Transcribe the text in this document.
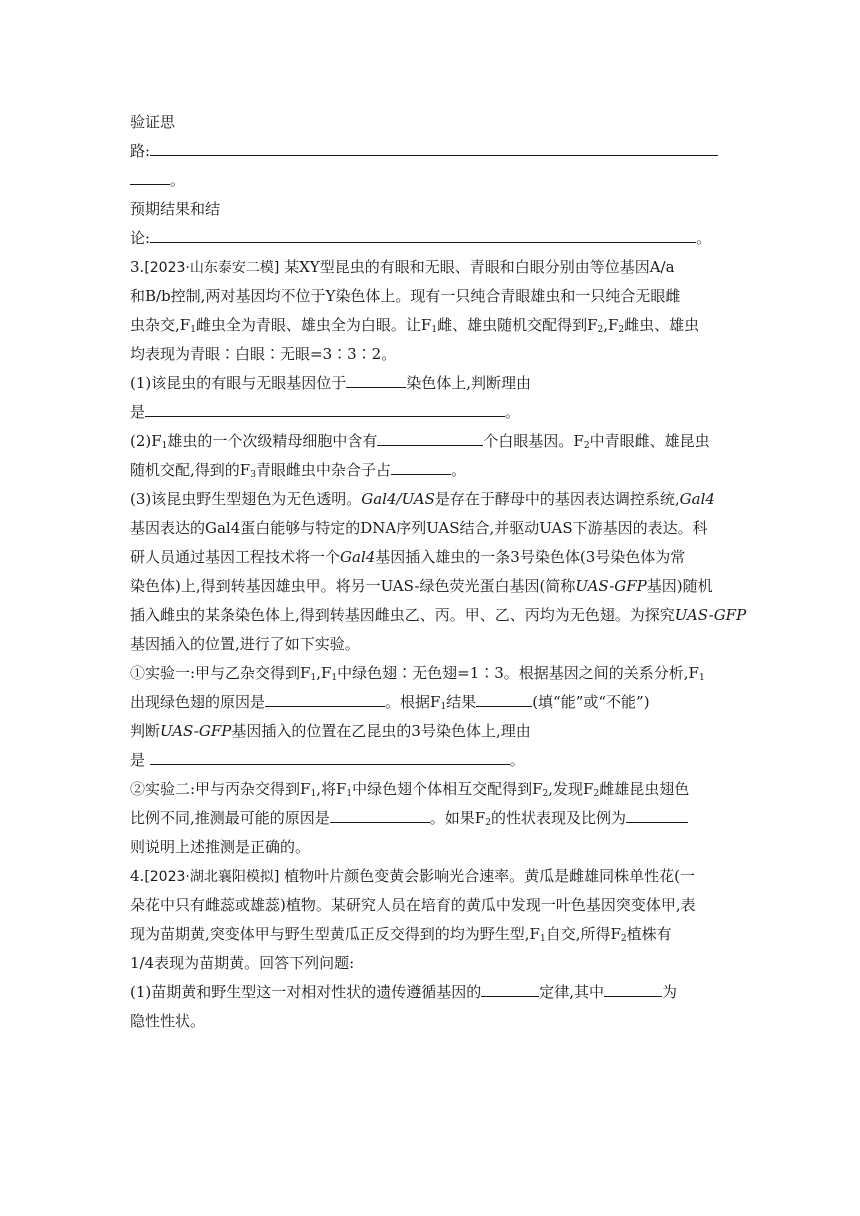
验证思
路:
。
预期结果和结
论:	。
3.[2023·山东泰安二模] 某XY型昆虫的有眼和无眼、青眼和白眼分别由等位基因A/a
和B/b控制,两对基因均不位于Y染色体上。现有一只纯合青眼雄虫和一只纯合无眼雌
虫杂交$,F_1$雌虫全为青眼、雄虫全为白眼。让$F_1$雌、雄虫随机交配得到$F_2,F_2$雌虫、雄虫
均表现为青眼∶白眼∶无眼=3∶3∶2。
(1)该昆虫的有眼与无眼基因位于	染色体上,判断理由
是	。
$(2)F_1$雄虫的一个次级精母细胞中含有	个白眼基因。$F_2$中青眼雌、雄昆虫
随机交配,得到的$F_3$青眼雌虫中杂合子占	。
(3)该昆虫野生型翅色为无色透明。Gal4/UAS是存在于酵母中的基因表达调控系统,Gal4
基因表达的Gal4蛋白能够与特定的DNA序列UAS结合,并驱动UAS下游基因的表达。科
研人员通过基因工程技术将一个Gal4基因插入雄虫的一条3号染色体(3号染色体为常
染色体)上,得到转基因雄虫甲。将另一UAS-绿色荧光蛋白基因(简称UAS-GFP基因)随机
插入雌虫的某条染色体上,得到转基因雌虫乙、丙。甲、乙、丙均为无色翅。为探究UAS-GFP
基因插入的位置,进行了如下实验。
①实验一:甲与乙杂交得到$F_1,F_1$中绿色翅∶无色翅=1∶3。根据基因之间的关系分析$,F_1$
出现绿色翅的原因是	。根据$F_1$结果	(填“能”或“不能”)
判断UAS-GFP基因插入的位置在乙昆虫的3号染色体上,理由
是	。
②实验二:甲与丙杂交得到$F_1$,将$F_1$中绿色翅个体相互交配得到$F_2$,发现$F_2$雌雄昆虫翅色
比例不同,推测最可能的原因是	。如果$F_2$的性状表现及比例为
则说明上述推测是正确的。
4.[2023·湖北襄阳模拟] 植物叶片颜色变黄会影响光合速率。黄瓜是雌雄同株单性花(一
朵花中只有雌蕊或雄蕊)植物。某研究人员在培育的黄瓜中发现一叶色基因突变体甲,表
现为苗期黄,突变体甲与野生型黄瓜正反交得到的均为野生型$,F_1$自交,所得$F_2$植株有
1/4表现为苗期黄。回答下列问题:
(1)苗期黄和野生型这一对相对性状的遗传遵循基因的	定律,其中	为
隐性性状。
